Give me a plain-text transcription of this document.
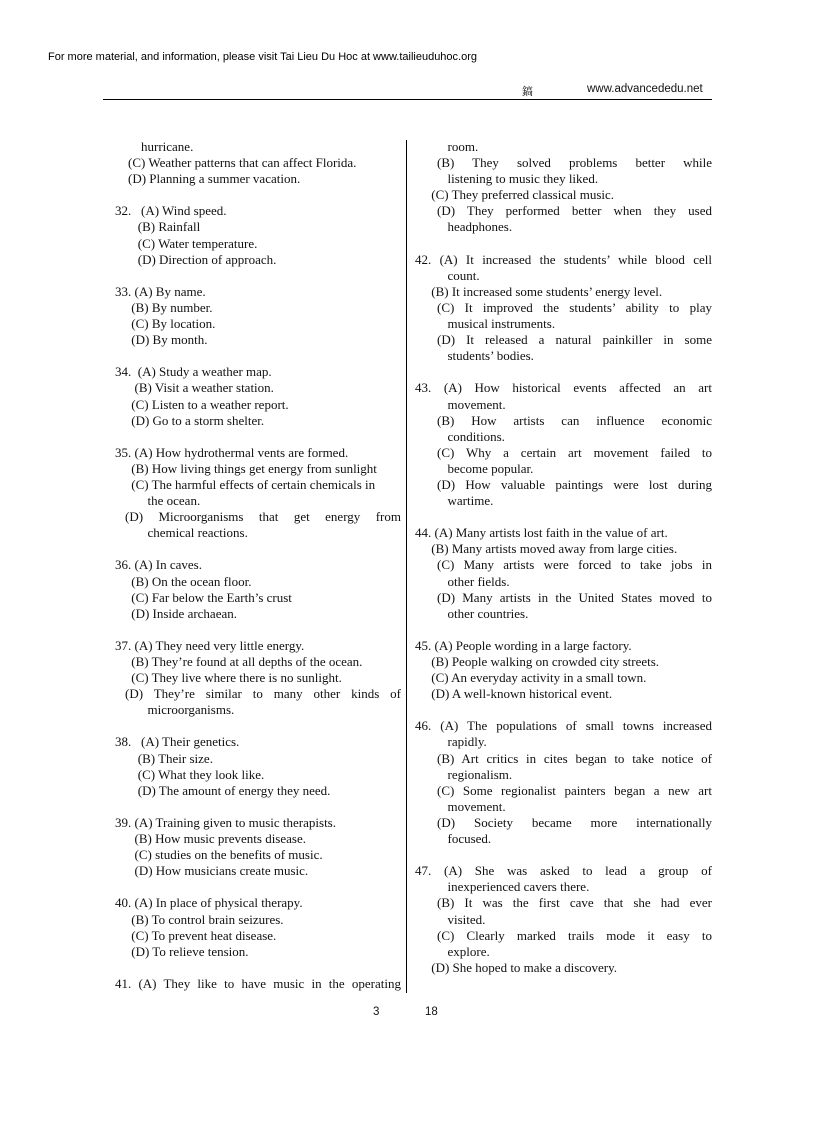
For more material, and information, please visit Tai Lieu Du Hoc at www.tailieuduhoc.org
鎬	www.advancededu.net
hurricane.
(C) Weather patterns that can affect Florida.
(D) Planning a summer vacation.
32.   (A) Wind speed.
(B) Rainfall
(C) Water temperature.
(D) Direction of approach.
33. (A) By name.
(B) By number.
(C) By location.
(D) By month.
34.  (A) Study a weather map.
(B) Visit a weather station.
(C) Listen to a weather report.
(D) Go to a storm shelter.
35. (A) How hydrothermal vents are formed.
(B) How living things get energy from sunlight
(C) The harmful effects of certain chemicals in
the ocean.
(D) Microorganisms that get energy from
chemical reactions.
36. (A) In caves.
(B) On the ocean floor.
(C) Far below the Earth’s crust
(D) Inside archaean.
37. (A) They need very little energy.
(B) They’re found at all depths of the ocean.
(C) They live where there is no sunlight.
(D) They’re similar to many other kinds of
microorganisms.
38.   (A) Their genetics.
(B) Their size.
(C) What they look like.
(D) The amount of energy they need.
39. (A) Training given to music therapists.
(B) How music prevents disease.
(C) studies on the benefits of music.
(D) How musicians create music.
40. (A) In place of physical therapy.
(B) To control brain seizures.
(C) To prevent heat disease.
(D) To relieve tension.
41. (A) They like to have music in the operating
room.
(B) They solved problems better while
listening to music they liked.
(C) They preferred classical music.
(D) They performed better when they used
headphones.
42. (A) It increased the students’ while blood cell
count.
(B) It increased some students’ energy level.
(C) It improved the students’ ability to play
musical instruments.
(D) It released a natural painkiller in some
students’ bodies.
43. (A) How historical events affected an art
movement.
(B) How artists can influence economic
conditions.
(C) Why a certain art movement failed to
become popular.
(D) How valuable paintings were lost during
wartime.
44. (A) Many artists lost faith in the value of art.
(B) Many artists moved away from large cities.
(C) Many artists were forced to take jobs in
other fields.
(D) Many artists in the United States moved to
other countries.
45. (A) People wording in a large factory.
(B) People walking on crowded city streets.
(C) An everyday activity in a small town.
(D) A well-known historical event.
46. (A) The populations of small towns increased
rapidly.
(B) Art critics in cites began to take notice of
regionalism.
(C) Some regionalist painters began a new art
movement.
(D) Society became more internationally
focused.
47. (A) She was asked to lead a group of
inexperienced cavers there.
(B) It was the first cave that she had ever
visited.
(C) Clearly marked trails mode it easy to
explore.
(D) She hoped to make a discovery.
3	18
